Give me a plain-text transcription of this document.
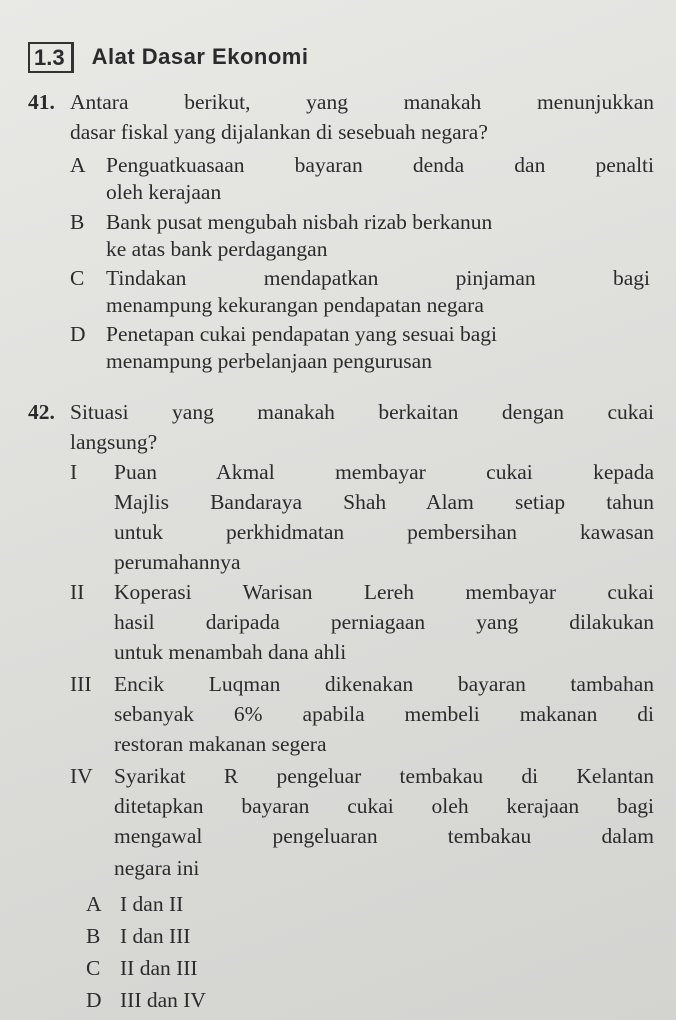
1.3	Alat Dasar Ekonomi
41. Antara berikut, yang manakah menunjukkan
dasar fiskal yang dijalankan di sesebuah negara?
A Penguatkuasaan bayaran denda dan penalti
oleh kerajaan
B Bank pusat mengubah nisbah rizab berkanun
ke atas bank perdagangan
C Tindakan mendapatkan pinjaman bagi
menampung kekurangan pendapatan negara
D Penetapan cukai pendapatan yang sesuai bagi
menampung perbelanjaan pengurusan
42. Situasi yang manakah berkaitan dengan cukai
langsung?
I Puan Akmal membayar cukai kepada
Majlis Bandaraya Shah Alam setiap tahun
untuk perkhidmatan pembersihan kawasan
perumahannya
II Koperasi Warisan Lereh membayar cukai
hasil daripada perniagaan yang dilakukan
untuk menambah dana ahli
III Encik Luqman dikenakan bayaran tambahan
sebanyak 6% apabila membeli makanan di
restoran makanan segera
IV Syarikat R pengeluar tembakau di Kelantan
ditetapkan bayaran cukai oleh kerajaan bagi
mengawal pengeluaran tembakau dalam
negara ini
A I dan II
B I dan III
C II dan III
D III dan IV
